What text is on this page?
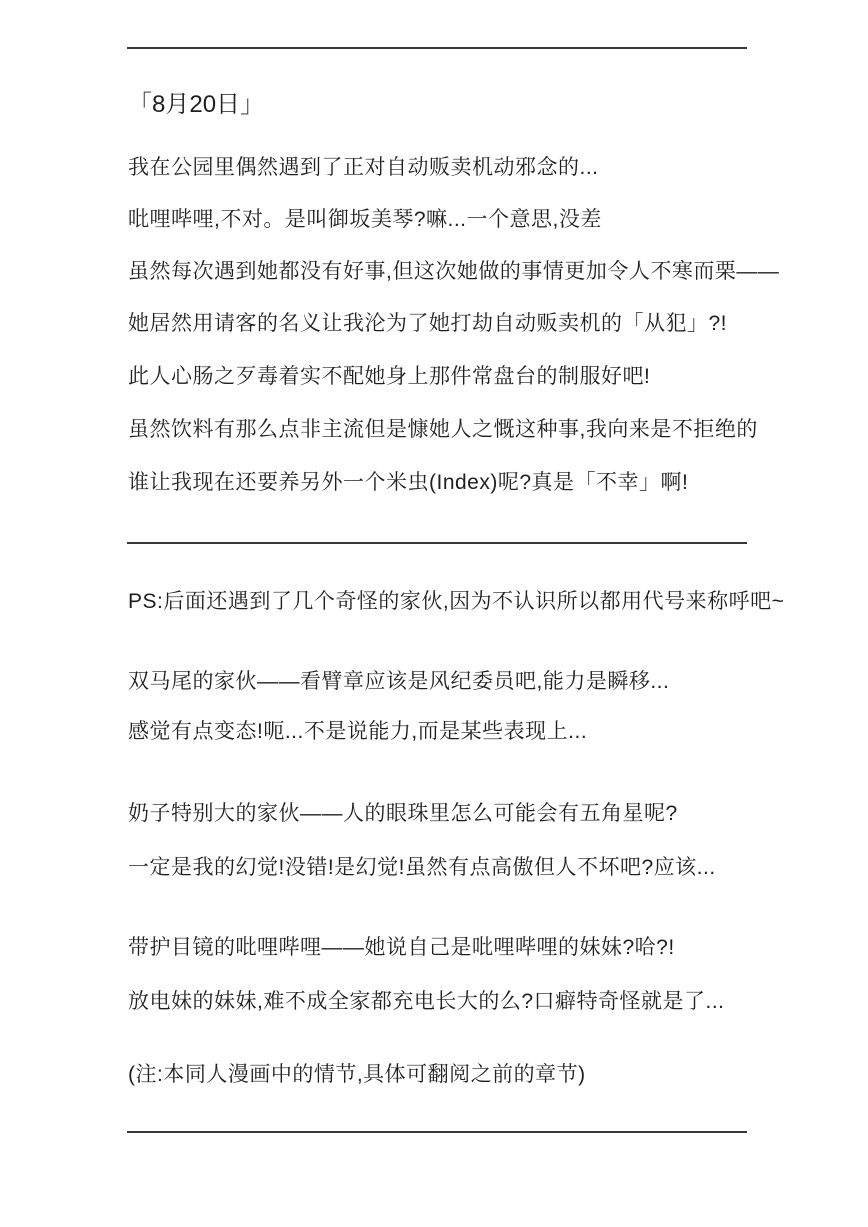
「8月20日」

我在公园里偶然遇到了正对自动贩卖机动邪念的...

吡哩哔哩,不对。是叫御坂美琴?嘛...一个意思,没差

虽然每次遇到她都没有好事,但这次她做的事情更加令人不寒而栗——

她居然用请客的名义让我沦为了她打劫自动贩卖机的「从犯」?!

此人心肠之歹毒着实不配她身上那件常盘台的制服好吧!

虽然饮料有那么点非主流但是慷她人之慨这种事,我向来是不拒绝的

谁让我现在还要养另外一个米虫(Index)呢?真是「不幸」啊!

PS:后面还遇到了几个奇怪的家伙,因为不认识所以都用代号来称呼吧~

双马尾的家伙——看臂章应该是风纪委员吧,能力是瞬移...

感觉有点变态!呃...不是说能力,而是某些表现上...

奶子特别大的家伙——人的眼珠里怎么可能会有五角星呢?

一定是我的幻觉!没错!是幻觉!虽然有点高傲但人不坏吧?应该...

带护目镜的吡哩哔哩——她说自己是吡哩哔哩的妹妹?哈?!

放电妹的妹妹,难不成全家都充电长大的么?口癖特奇怪就是了...

(注:本同人漫画中的情节,具体可翻阅之前的章节)
